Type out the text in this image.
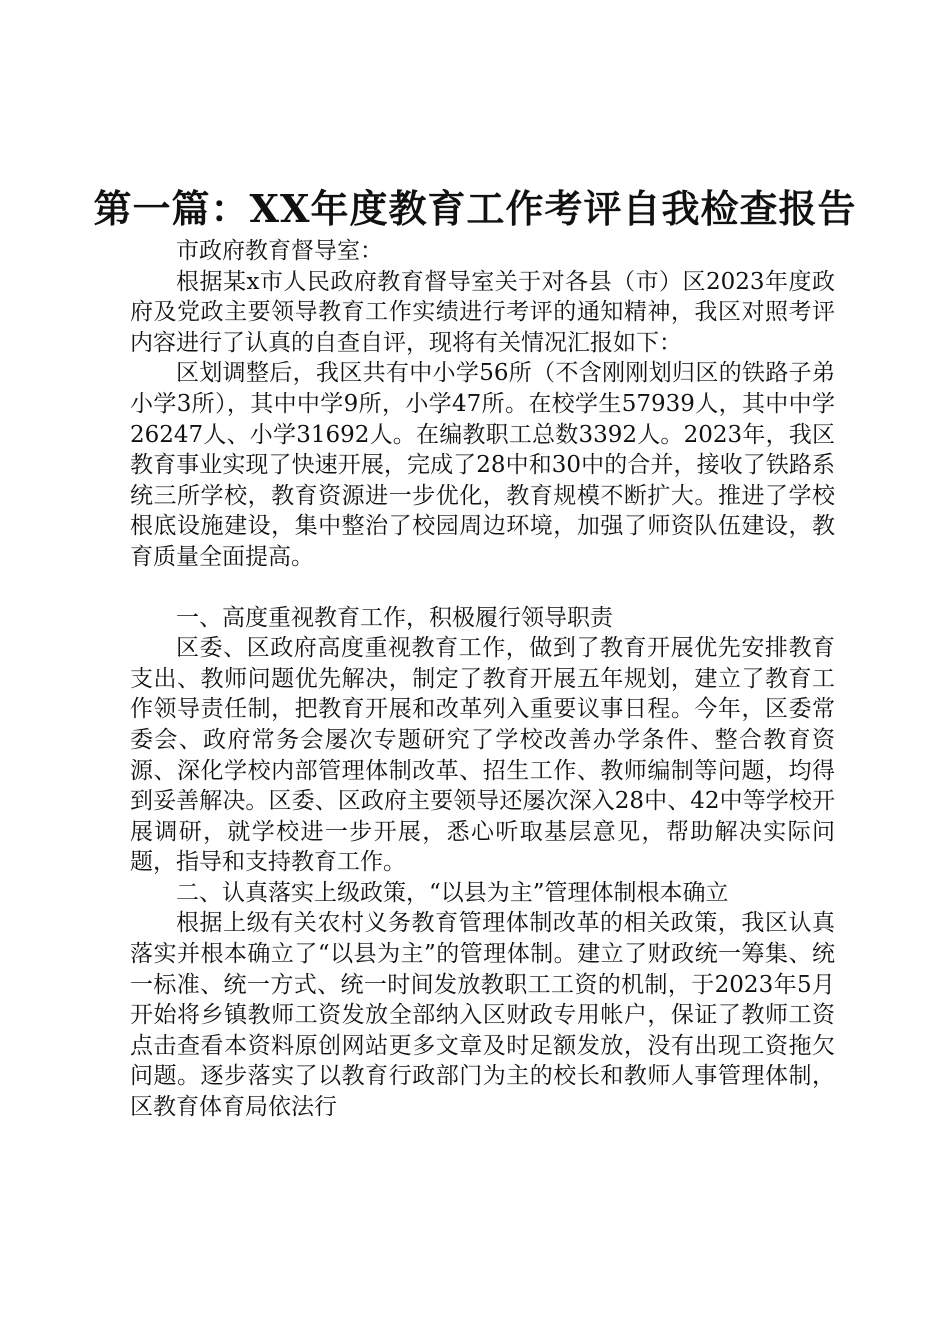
第一篇：XX年度教育工作考评自我检查报告

市政府教育督导室：

根据某x市人民政府教育督导室关于对各县（市）区2023年度政府及党政主要领导教育工作实绩进行考评的通知精神，我区对照考评内容进行了认真的自查自评，现将有关情况汇报如下：

区划调整后，我区共有中小学56所（不含刚刚划归区的铁路子弟小学3所），其中中学9所，小学47所。在校学生57939人，其中中学26247人、小学31692人。在编教职工总数3392人。2023年，我区教育事业实现了快速开展，完成了28中和30中的合并，接收了铁路系统三所学校，教育资源进一步优化，教育规模不断扩大。推进了学校根底设施建设，集中整治了校园周边环境，加强了师资队伍建设，教育质量全面提高。

一、高度重视教育工作，积极履行领导职责

区委、区政府高度重视教育工作，做到了教育开展优先安排教育支出、教师问题优先解决，制定了教育开展五年规划，建立了教育工作领导责任制，把教育开展和改革列入重要议事日程。今年，区委常委会、政府常务会屡次专题研究了学校改善办学条件、整合教育资源、深化学校内部管理体制改革、招生工作、教师编制等问题，均得到妥善解决。区委、区政府主要领导还屡次深入28中、42中等学校开展调研，就学校进一步开展，悉心听取基层意见，帮助解决实际问题，指导和支持教育工作。

二、认真落实上级政策，“以县为主”管理体制根本确立

根据上级有关农村义务教育管理体制改革的相关政策，我区认真落实并根本确立了“以县为主”的管理体制。建立了财政统一筹集、统一标准、统一方式、统一时间发放教职工工资的机制，于2023年5月开始将乡镇教师工资发放全部纳入区财政专用帐户，保证了教师工资点击查看本资料原创网站更多文章及时足额发放，没有出现工资拖欠问题。逐步落实了以教育行政部门为主的校长和教师人事管理体制，区教育体育局依法行
